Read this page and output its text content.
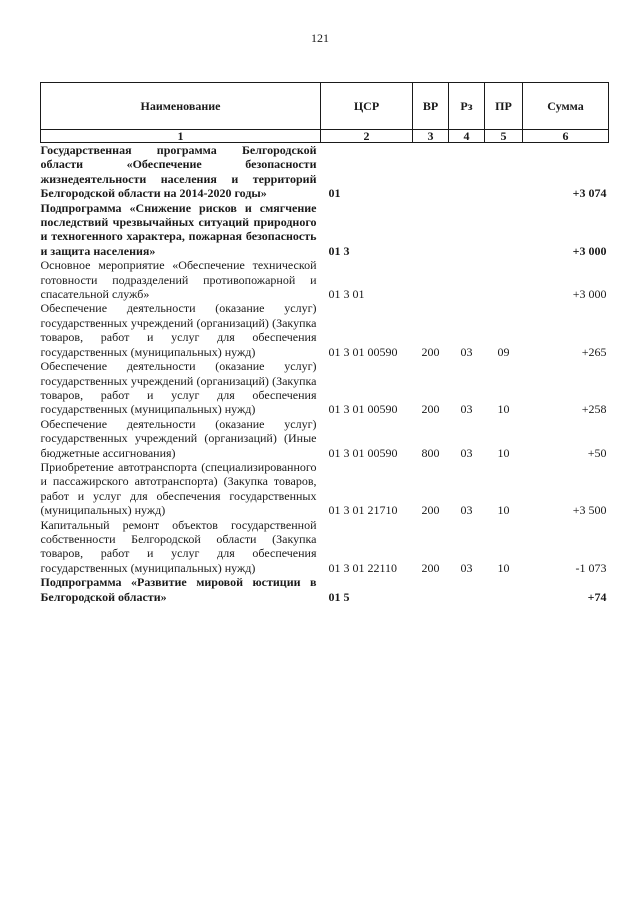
121
Наименование	ЦСР	ВР	Рз	ПР	Сумма
1	2	3	4	5	6
Государственная программа Белгородской области «Обеспечение безопасности жизнедеятельности населения и территорий Белгородской области на 2014-2020 годы»	01				+3 074
Подпрограмма «Снижение рисков и смягчение последствий чрезвычайных ситуаций природного и техногенного характера, пожарная безопасность и защита населения»	01 3				+3 000
Основное мероприятие «Обеспечение технической готовности подразделений противопожарной и спасательной служб»	01 3 01				+3 000
Обеспечение деятельности (оказание услуг) государственных учреждений (организаций) (Закупка товаров, работ и услуг для обеспечения государственных (муниципальных) нужд)	01 3 01 00590	200	03	09	+265
Обеспечение деятельности (оказание услуг) государственных учреждений (организаций) (Закупка товаров, работ и услуг для обеспечения государственных (муниципальных) нужд)	01 3 01 00590	200	03	10	+258
Обеспечение деятельности (оказание услуг) государственных учреждений (организаций) (Иные бюджетные ассигнования)	01 3 01 00590	800	03	10	+50
Приобретение автотранспорта (специализированного и пассажирского автотранспорта) (Закупка товаров, работ и услуг для обеспечения государственных (муниципальных) нужд)	01 3 01 21710	200	03	10	+3 500
Капитальный ремонт объектов государственной собственности Белгородской области (Закупка товаров, работ и услуг для обеспечения государственных (муниципальных) нужд)	01 3 01 22110	200	03	10	-1 073
Подпрограмма «Развитие мировой юстиции в Белгородской области»	01 5				+74
